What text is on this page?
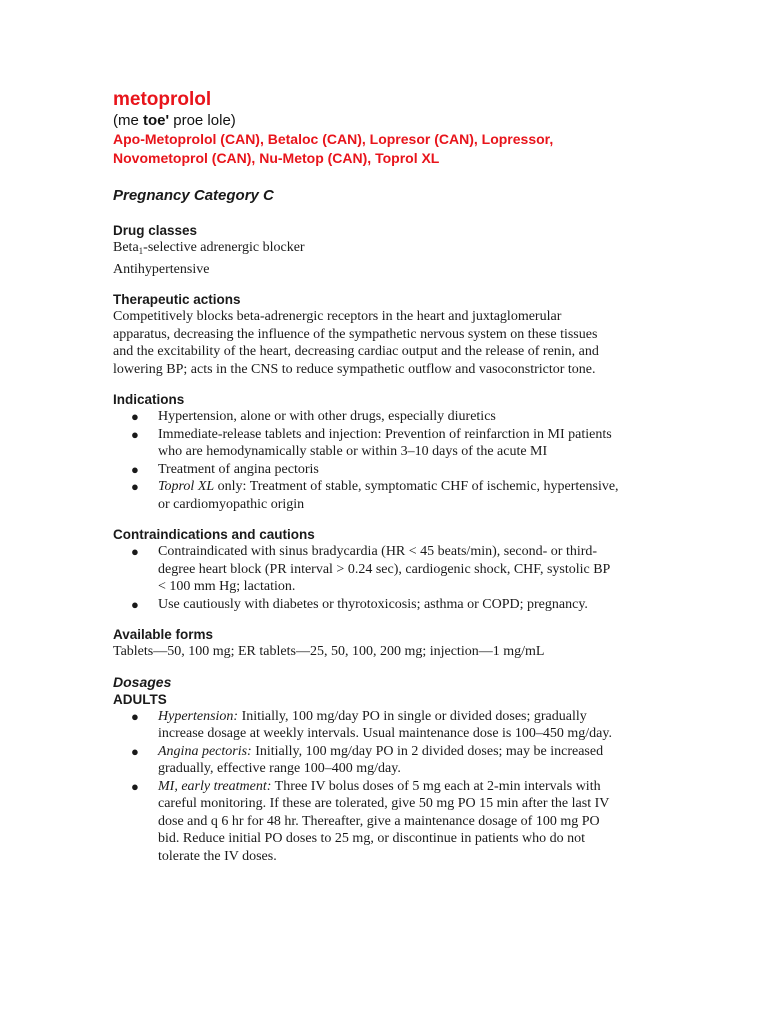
metoprolol

(me toe' proe lole)

Apo-Metoprolol (CAN), Betaloc (CAN), Lopresor (CAN), Lopressor,

Novometoprol (CAN), Nu-Metop (CAN), Toprol XL

Pregnancy Category C

Drug classes

Beta$_1$-selective adrenergic blocker

Antihypertensive

Therapeutic actions

Competitively blocks beta-adrenergic receptors in the heart and juxtaglomerular

apparatus, decreasing the influence of the sympathetic nervous system on these tissues

and the excitability of the heart, decreasing cardiac output and the release of renin, and

lowering BP; acts in the CNS to reduce sympathetic outflow and vasoconstrictor tone.

Indications

● Hypertension, alone or with other drugs, especially diuretics
● Immediate-release tablets and injection: Prevention of reinfarction in MI patients
who are hemodynamically stable or within 3–10 days of the acute MI
● Treatment of angina pectoris
● Toprol XL only: Treatment of stable, symptomatic CHF of ischemic, hypertensive,
or cardiomyopathic origin

Contraindications and cautions

● Contraindicated with sinus bradycardia (HR < 45 beats/min), second- or third-
degree heart block (PR interval > 0.24 sec), cardiogenic shock, CHF, systolic BP
< 100 mm Hg; lactation.
● Use cautiously with diabetes or thyrotoxicosis; asthma or COPD; pregnancy.

Available forms

Tablets—50, 100 mg; ER tablets—25, 50, 100, 200 mg; injection—1 mg/mL

Dosages

ADULTS

● Hypertension: Initially, 100 mg/day PO in single or divided doses; gradually
increase dosage at weekly intervals. Usual maintenance dose is 100–450 mg/day.
● Angina pectoris: Initially, 100 mg/day PO in 2 divided doses; may be increased
gradually, effective range 100–400 mg/day.
● MI, early treatment: Three IV bolus doses of 5 mg each at 2-min intervals with
careful monitoring. If these are tolerated, give 50 mg PO 15 min after the last IV
dose and q 6 hr for 48 hr. Thereafter, give a maintenance dosage of 100 mg PO
bid. Reduce initial PO doses to 25 mg, or discontinue in patients who do not
tolerate the IV doses.
